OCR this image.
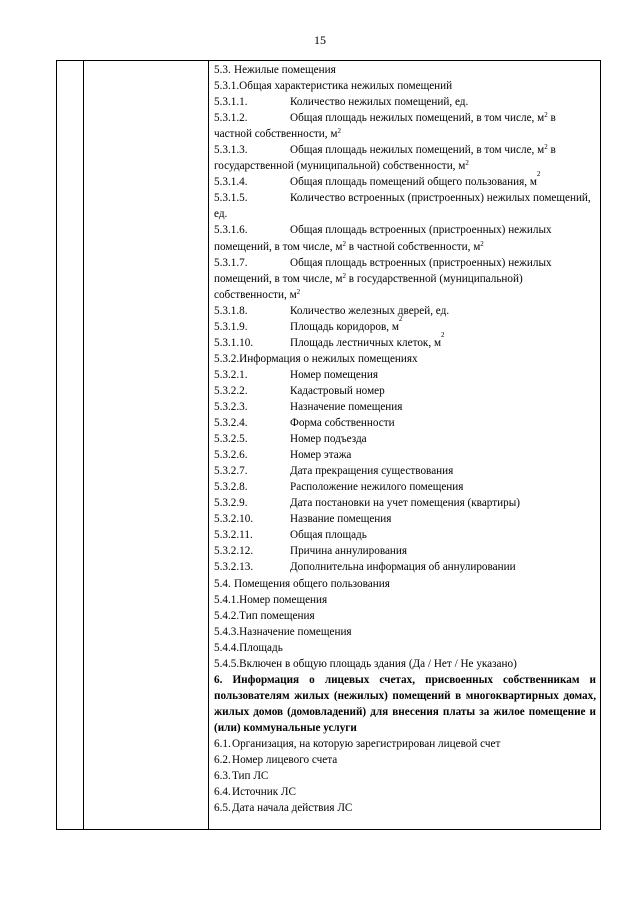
15
5.3. Нежилые помещения
5.3.1.Общая характеристика нежилых помещений
5.3.1.1.	Количество нежилых помещений, ед.
5.3.1.2.	Общая площадь нежилых помещений, в том числе, $м^2$ в частной собственности, $м^2$
5.3.1.3.	Общая площадь нежилых помещений, в том числе, $м^2$ в государственной (муниципальной) собственности, $м^2$
5.3.1.4.	Общая площадь помещений общего пользования, м
2
5.3.1.5.	Количество встроенных (пристроенных) нежилых помещений, ед.
5.3.1.6.	Общая площадь встроенных (пристроенных) нежилых помещений, в том числе, $м^2$ в частной собственности, $м^2$
5.3.1.7.	Общая площадь встроенных (пристроенных) нежилых помещений, в том числе, $м^2$ в государственной (муниципальной) собственности, $м^2$
5.3.1.8.	Количество железных дверей, ед.
5.3.1.9.	Площадь коридоров, м
2
5.3.1.10.	Площадь лестничных клеток, м
2
5.3.2.Информация о нежилых помещениях
5.3.2.1.	Номер помещения
5.3.2.2.	Кадастровый номер
5.3.2.3.	Назначение помещения
5.3.2.4.	Форма собственности
5.3.2.5.	Номер подъезда
5.3.2.6.	Номер этажа
5.3.2.7.	Дата прекращения существования
5.3.2.8.	Расположение нежилого помещения
5.3.2.9.	Дата постановки на учет помещения (квартиры)
5.3.2.10.	Название помещения
5.3.2.11.	Общая площадь
5.3.2.12.	Причина аннулирования
5.3.2.13.	Дополнительна информация об аннулировании
5.4. Помещения общего пользования
5.4.1.Номер помещения
5.4.2.Тип помещения
5.4.3.Назначение помещения
5.4.4.Площадь
5.4.5.Включен в общую площадь здания (Да / Нет / Не указано)
6. Информация о лицевых счетах, присвоенных собственникам и пользователям жилых (нежилых) помещений в многоквартирных домах, жилых домов (домовладений) для внесения платы за жилое помещение и (или) коммунальные услуги
6.1. Организация, на которую зарегистрирован лицевой счет
6.2. Номер лицевого счета
6.3. Тип ЛС
6.4. Источник ЛС
6.5. Дата начала действия ЛС
